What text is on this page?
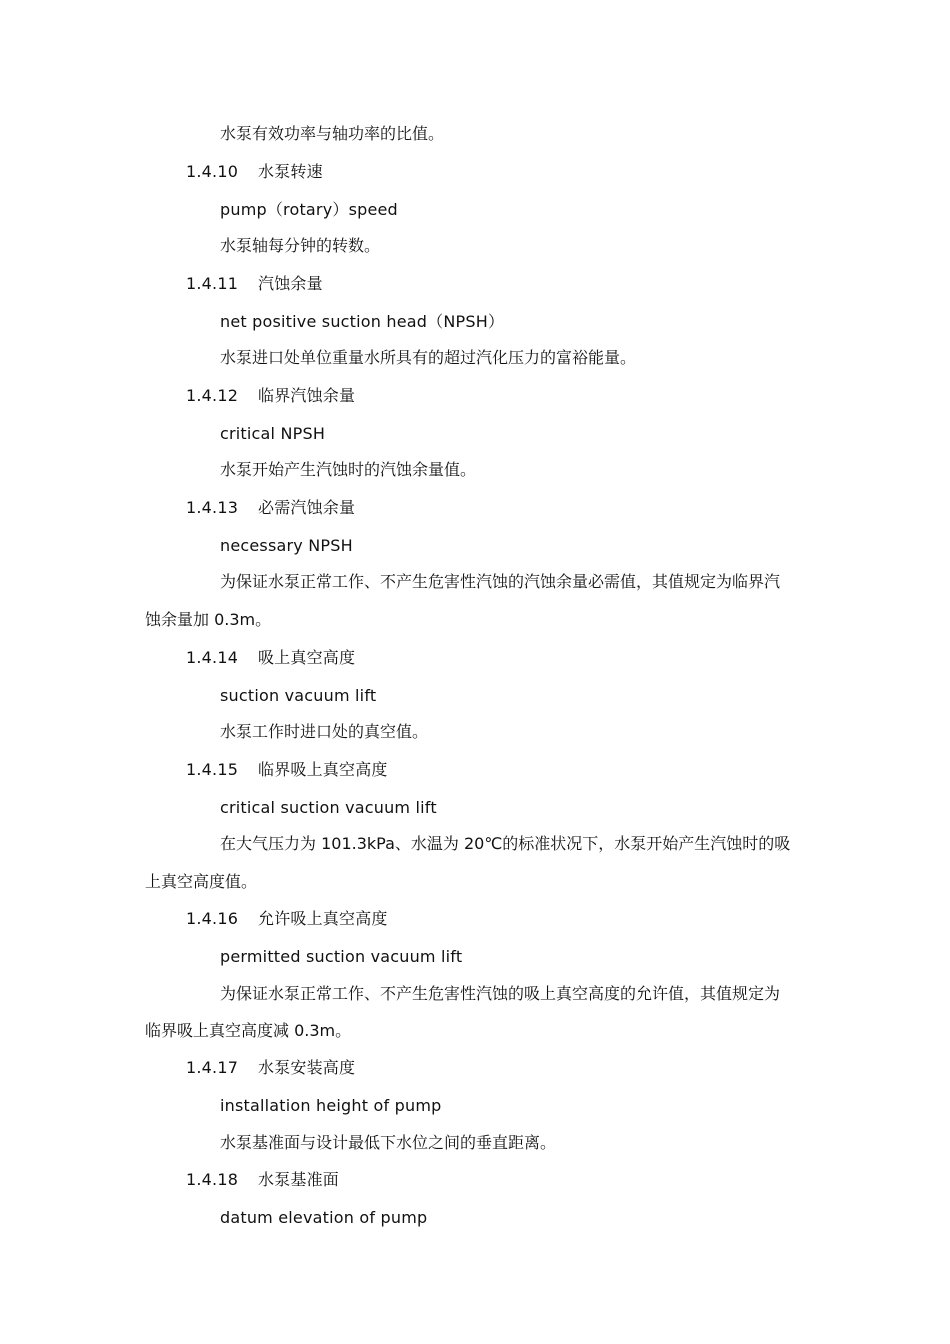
水泵有效功率与轴功率的比值。
1.4.10 水泵转速
pump（rotary）speed
水泵轴每分钟的转数。
1.4.11 汽蚀余量
net positive suction head（NPSH）
水泵进口处单位重量水所具有的超过汽化压力的富裕能量。
1.4.12 临界汽蚀余量
critical NPSH
水泵开始产生汽蚀时的汽蚀余量值。
1.4.13 必需汽蚀余量
necessary NPSH
为保证水泵正常工作、不产生危害性汽蚀的汽蚀余量必需值，其值规定为临界汽
蚀余量加 0.3m。
1.4.14 吸上真空高度
suction vacuum lift
水泵工作时进口处的真空值。
1.4.15 临界吸上真空高度
critical suction vacuum lift
在大气压力为 101.3kPa、水温为 20℃的标准状况下，水泵开始产生汽蚀时的吸
上真空高度值。
1.4.16 允许吸上真空高度
permitted suction vacuum lift
为保证水泵正常工作、不产生危害性汽蚀的吸上真空高度的允许值，其值规定为
临界吸上真空高度减 0.3m。
1.4.17 水泵安装高度
installation height of pump
水泵基准面与设计最低下水位之间的垂直距离。
1.4.18 水泵基准面
datum elevation of pump
